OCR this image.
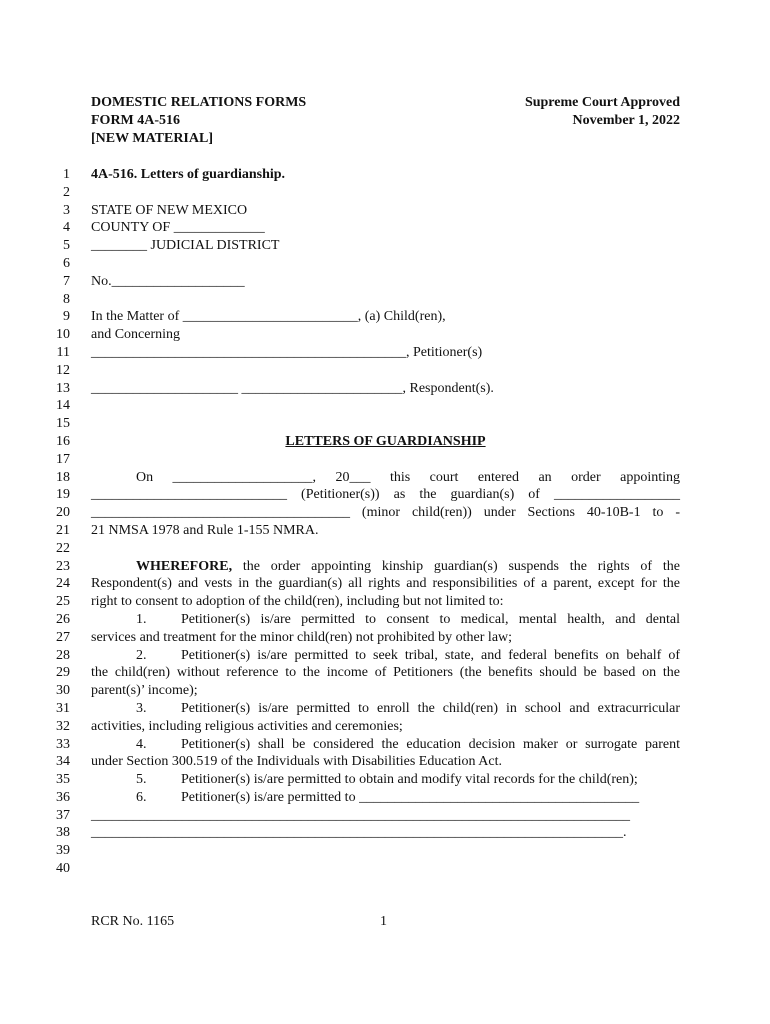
DOMESTIC RELATIONS FORMS
FORM 4A-516
[NEW MATERIAL]
Supreme Court Approved
November 1, 2022
1
2
3
4
5
6
7
8
9
10
11
12
13
14
15
16
17
18
19
20
21
22
23
24
25
26
27
28
29
30
31
32
33
34
35
36
37
38
39
40
4A-516. Letters of guardianship.
STATE OF NEW MEXICO
COUNTY OF _____________
________ JUDICIAL DISTRICT
No.___________________
In the Matter of _________________________, (a) Child(ren),
and Concerning
_____________________________________________, Petitioner(s)
_____________________ _______________________, Respondent(s).
LETTERS OF GUARDIANSHIP
On ____________________, 20___ this court entered an order appointing
____________________________ (Petitioner(s)) as the guardian(s) of __________________
_____________________________________ (minor child(ren)) under Sections 40-10B-1 to -
21 NMSA 1978 and Rule 1-155 NMRA.
WHEREFORE, the order appointing kinship guardian(s) suspends the rights of the
Respondent(s) and vests in the guardian(s) all rights and responsibilities of a parent, except for the
right to consent to adoption of the child(ren), including but not limited to:
1. Petitioner(s) is/are permitted to consent to medical, mental health, and dental
services and treatment for the minor child(ren) not prohibited by other law;
2. Petitioner(s) is/are permitted to seek tribal, state, and federal benefits on behalf of
the child(ren) without reference to the income of Petitioners (the benefits should be based on the
parent(s)’ income);
3. Petitioner(s) is/are permitted to enroll the child(ren) in school and extracurricular
activities, including religious activities and ceremonies;
4. Petitioner(s) shall be considered the education decision maker or surrogate parent
under Section 300.519 of the Individuals with Disabilities Education Act.
5. Petitioner(s) is/are permitted to obtain and modify vital records for the child(ren);
6. Petitioner(s) is/are permitted to ________________________________________
_____________________________________________________________________________
____________________________________________________________________________.
RCR No. 1165	1
